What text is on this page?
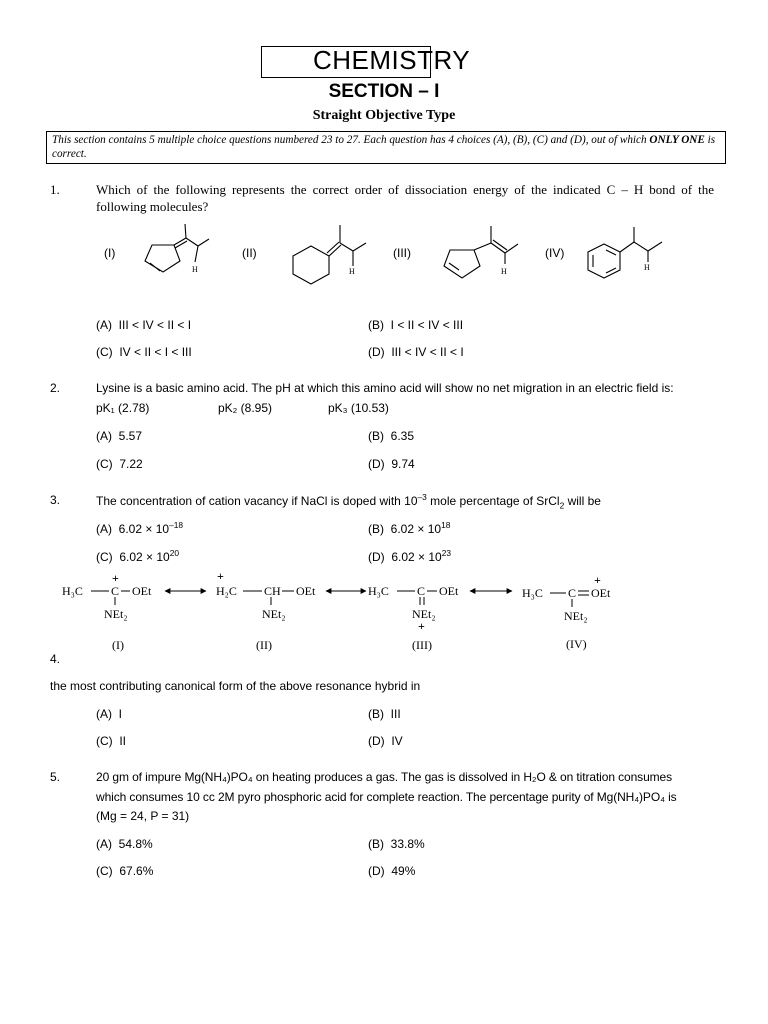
CHEMISTRY
SECTION – I
Straight Objective Type
This section contains 5 multiple choice questions numbered 23 to 27. Each question has 4 choices (A), (B), (C) and (D), out of which ONLY ONE is correct.
1.	Which of the following represents the correct order of dissociation energy of the indicated C – H bond of the following molecules?
(I)	(II)	(III)	(IV)
H	H	H	H
(A) III < IV < II < I	(B) I < II < IV < III
(C) IV < II < I < III	(D) III < IV < II < I
2.	Lysine is a basic amino acid. The pH at which this amino acid will show no net migration in an electric field is:
pK₁ (2.78)	pK₂ (8.95)	pK₃ (10.53)
(A) 5.57	(B) 6.35
(C) 7.22	(D) 9.74
3.	The concentration of cation vacancy if NaCl is doped with $10^{-3}$ mole percentage of SrCl$_2$ will be
(A) $6.02 \times 10^{-18}$	(B) $6.02 \times 10^{18}$
(C) $6.02 \times 10^{20}$	(D) $6.02 \times 10^{23}$
H₃C C
+
OEt
NEt₂
(I)
H₂C
+
CH OEt
NEt₂
(II)
H₃C C OEt
NEt₂
+
(III)
H₃C C OEt
+
NEt₂
(IV)
4.
the most contributing canonical form of the above resonance hybrid in
(A) I	(B) III
(C) II	(D) IV
5.	20 gm of impure Mg(NH₄)PO₄ on heating produces a gas. The gas is dissolved in H₂O & on titration consumes
which consumes 10 cc 2M pyro phosphoric acid for complete reaction. The percentage purity of Mg(NH₄)PO₄ is
(Mg = 24, P = 31)
(A) 54.8%	(B) 33.8%
(C) 67.6%	(D) 49%
